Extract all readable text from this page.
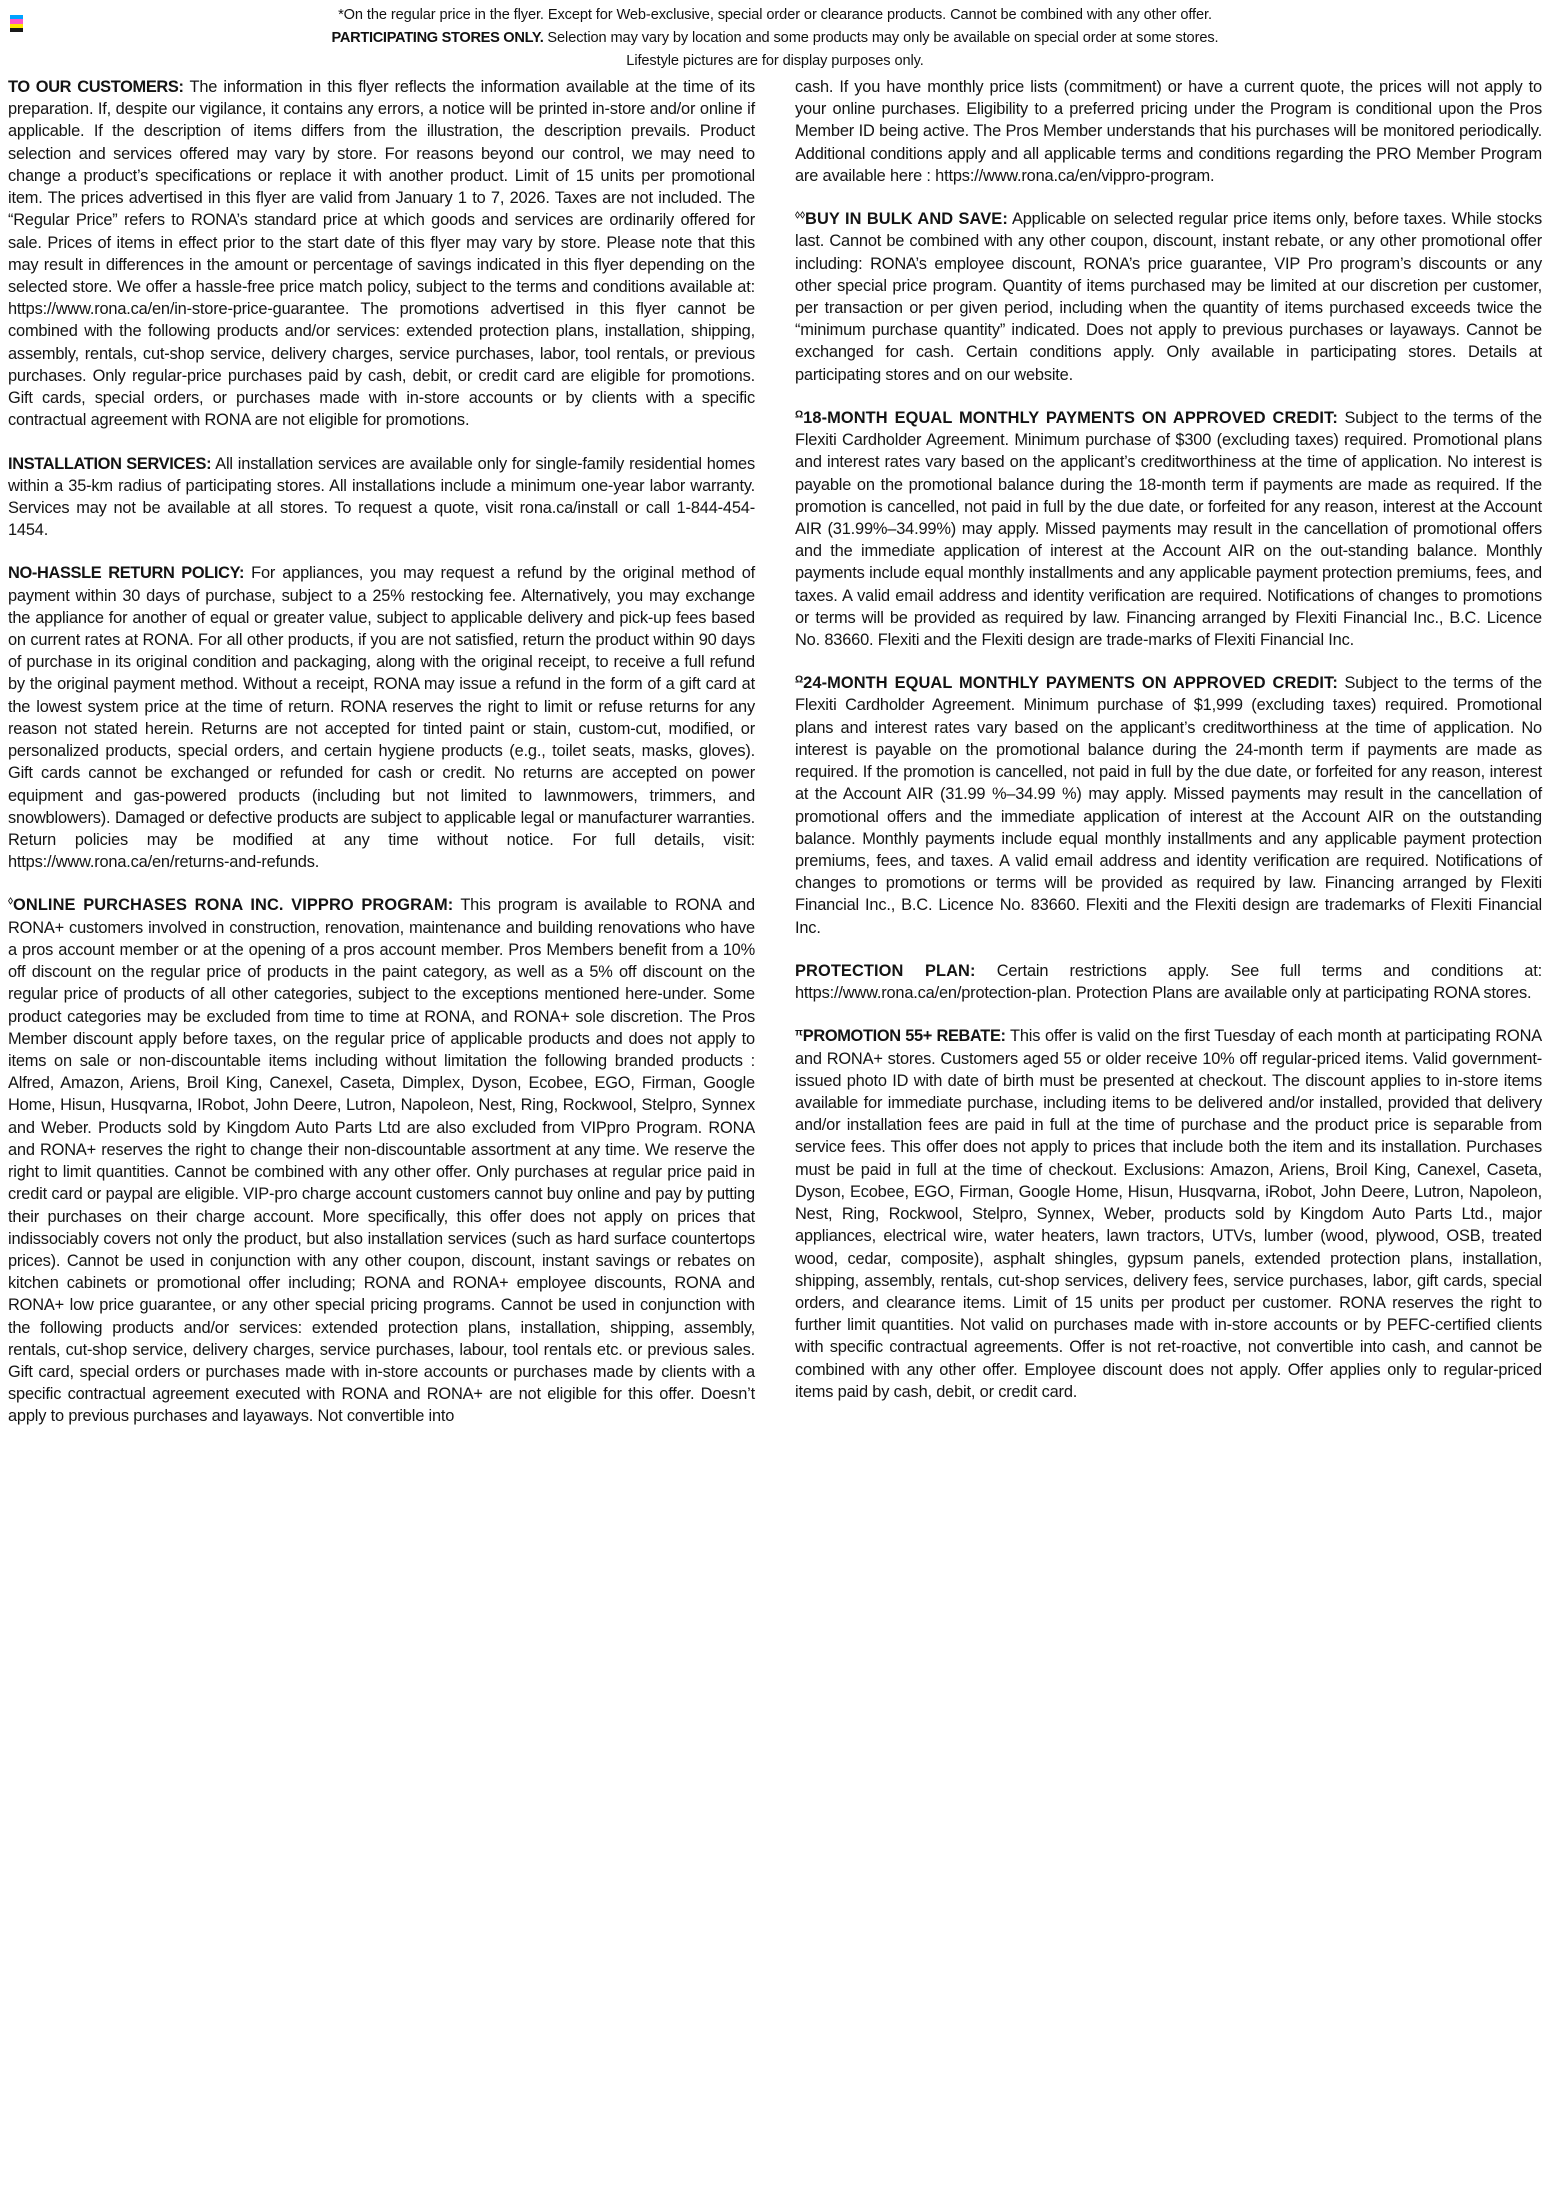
*On the regular price in the flyer. Except for Web-exclusive, special order or clearance products. Cannot be combined with any other offer.
PARTICIPATING STORES ONLY. Selection may vary by location and some products may only be available on special order at some stores.
Lifestyle pictures are for display purposes only.

TO OUR CUSTOMERS: The information in this flyer reflects the information available at the time of its preparation. If, despite our vigilance, it contains any errors, a notice will be printed in-store and/or online if applicable. If the description of items differs from the illustration, the description prevails. Product selection and services offered may vary by store. For reasons beyond our control, we may need to change a product’s specifications or replace it with another product. Limit of 15 units per promotional item. The prices advertised in this flyer are valid from January 1 to 7, 2026. Taxes are not included. The “Regular Price” refers to RONA’s standard price at which goods and services are ordinarily offered for sale. Prices of items in effect prior to the start date of this flyer may vary by store. Please note that this may result in differences in the amount or percentage of savings indicated in this flyer depending on the selected store. We offer a hassle-free price match policy, subject to the terms and conditions available at: https://www.rona.ca/en/in-store-price-guarantee. The promotions advertised in this flyer cannot be combined with the following products and/or services: extended protection plans, installation, shipping, assembly, rentals, cut-shop service, delivery charges, service purchases, labor, tool rentals, or previous purchases. Only regular-price purchases paid by cash, debit, or credit card are eligible for promotions. Gift cards, special orders, or purchases made with in-store accounts or by clients with a specific contractual agreement with RONA are not eligible for promotions.

INSTALLATION SERVICES: All installation services are available only for single-family residential homes within a 35-km radius of participating stores. All installations include a minimum one-year labor warranty. Services may not be available at all stores. To request a quote, visit rona.ca/install or call 1-844-454-1454.

NO-HASSLE RETURN POLICY: For appliances, you may request a refund by the original method of payment within 30 days of purchase, subject to a 25% restocking fee. Alternatively, you may exchange the appliance for another of equal or greater value, subject to applicable delivery and pick-up fees based on current rates at RONA. For all other products, if you are not satisfied, return the product within 90 days of purchase in its original condition and packaging, along with the original receipt, to receive a full refund by the original payment method. Without a receipt, RONA may issue a refund in the form of a gift card at the lowest system price at the time of return. RONA reserves the right to limit or refuse returns for any reason not stated herein. Returns are not accepted for tinted paint or stain, custom-cut, modified, or personalized products, special orders, and certain hygiene products (e.g., toilet seats, masks, gloves). Gift cards cannot be exchanged or refunded for cash or credit. No returns are accepted on power equipment and gas-powered products (including but not limited to lawnmowers, trimmers, and snowblowers). Damaged or defective products are subject to applicable legal or manufacturer warranties. Return policies may be modified at any time without notice. For full details, visit: https://www.rona.ca/en/returns-and-refunds.

◊ONLINE PURCHASES RONA INC. VIPPRO PROGRAM: This program is available to RONA and RONA+ customers involved in construction, renovation, maintenance and building renovations who have a pros account member or at the opening of a pros account member. Pros Members benefit from a 10% off discount on the regular price of products in the paint category, as well as a 5% off discount on the regular price of products of all other categories, subject to the exceptions mentioned here-under. Some product categories may be excluded from time to time at RONA, and RONA+ sole discretion. The Pros Member discount apply before taxes, on the regular price of applicable products and does not apply to items on sale or non-discountable items including without limitation the following branded products : Alfred, Amazon, Ariens, Broil King, Canexel, Caseta, Dimplex, Dyson, Ecobee, EGO, Firman, Google Home, Hisun, Husqvarna, IRobot, John Deere, Lutron, Napoleon, Nest, Ring, Rockwool, Stelpro, Synnex and Weber. Products sold by Kingdom Auto Parts Ltd are also excluded from VIPpro Program. RONA and RONA+ reserves the right to change their non-discountable assortment at any time. We reserve the right to limit quantities. Cannot be combined with any other offer. Only purchases at regular price paid in credit card or paypal are eligible. VIP-pro charge account customers cannot buy online and pay by putting their purchases on their charge account. More specifically, this offer does not apply on prices that indissociably covers not only the product, but also installation services (such as hard surface countertops prices). Cannot be used in conjunction with any other coupon, discount, instant savings or rebates on kitchen cabinets or promotional offer including; RONA and RONA+ employee discounts, RONA and RONA+ low price guarantee, or any other special pricing programs. Cannot be used in conjunction with the following products and/or services: extended protection plans, installation, shipping, assembly, rentals, cut-shop service, delivery charges, service purchases, labour, tool rentals etc. or previous sales. Gift card, special orders or purchases made with in-store accounts or purchases made by clients with a specific contractual agreement executed with RONA and RONA+ are not eligible for this offer. Doesn’t apply to previous purchases and layaways. Not convertible into

cash. If you have monthly price lists (commitment) or have a current quote, the prices will not apply to your online purchases. Eligibility to a preferred pricing under the Program is conditional upon the Pros Member ID being active. The Pros Member understands that his purchases will be monitored periodically. Additional conditions apply and all applicable terms and conditions regarding the PRO Member Program are available here : https://www.rona.ca/en/vippro-program.

◊◊BUY IN BULK AND SAVE: Applicable on selected regular price items only, before taxes. While stocks last. Cannot be combined with any other coupon, discount, instant rebate, or any other promotional offer including: RONA’s employee discount, RONA’s price guarantee, VIP Pro program’s discounts or any other special price program. Quantity of items purchased may be limited at our discretion per customer, per transaction or per given period, including when the quantity of items purchased exceeds twice the “minimum purchase quantity” indicated. Does not apply to previous purchases or layaways. Cannot be exchanged for cash. Certain conditions apply. Only available in participating stores. Details at participating stores and on our website.

$^\Omega$18-MONTH EQUAL MONTHLY PAYMENTS ON APPROVED CREDIT: Subject to the terms of the Flexiti Cardholder Agreement. Minimum purchase of $300 (excluding taxes) required. Promotional plans and interest rates vary based on the applicant’s creditworthiness at the time of application. No interest is payable on the promotional balance during the 18-month term if payments are made as required. If the promotion is cancelled, not paid in full by the due date, or forfeited for any reason, interest at the Account AIR (31.99%–34.99%) may apply. Missed payments may result in the cancellation of promotional offers and the immediate application of interest at the Account AIR on the out-standing balance. Monthly payments include equal monthly installments and any applicable payment protection premiums, fees, and taxes. A valid email address and identity verification are required. Notifications of changes to promotions or terms will be provided as required by law. Financing arranged by Flexiti Financial Inc., B.C. Licence No. 83660. Flexiti and the Flexiti design are trade-marks of Flexiti Financial Inc.

$^\Omega$24-MONTH EQUAL MONTHLY PAYMENTS ON APPROVED CREDIT: Subject to the terms of the Flexiti Cardholder Agreement. Minimum purchase of $1,999 (excluding taxes) required. Promotional plans and interest rates vary based on the applicant’s creditworthiness at the time of application. No interest is payable on the promotional balance during the 24-month term if payments are made as required. If the promotion is cancelled, not paid in full by the due date, or forfeited for any reason, interest at the Account AIR (31.99 %–34.99 %) may apply. Missed payments may result in the cancellation of promotional offers and the immediate application of interest at the Account AIR on the outstanding balance. Monthly payments include equal monthly installments and any applicable payment protection premiums, fees, and taxes. A valid email address and identity verification are required. Notifications of changes to promotions or terms will be provided as required by law. Financing arranged by Flexiti Financial Inc., B.C. Licence No. 83660. Flexiti and the Flexiti design are trademarks of Flexiti Financial Inc.

PROTECTION PLAN: Certain restrictions apply. See full terms and conditions at: https://www.rona.ca/en/protection-plan. Protection Plans are available only at participating RONA stores.

$^\pi$PROMOTION 55+ REBATE: This offer is valid on the first Tuesday of each month at participating RONA and RONA+ stores. Customers aged 55 or older receive 10% off regular-priced items. Valid government-issued photo ID with date of birth must be presented at checkout. The discount applies to in-store items available for immediate purchase, including items to be delivered and/or installed, provided that delivery and/or installation fees are paid in full at the time of purchase and the product price is separable from service fees. This offer does not apply to prices that include both the item and its installation. Purchases must be paid in full at the time of checkout. Exclusions: Amazon, Ariens, Broil King, Canexel, Caseta, Dyson, Ecobee, EGO, Firman, Google Home, Hisun, Husqvarna, iRobot, John Deere, Lutron, Napoleon, Nest, Ring, Rockwool, Stelpro, Synnex, Weber, products sold by Kingdom Auto Parts Ltd., major appliances, electrical wire, water heaters, lawn tractors, UTVs, lumber (wood, plywood, OSB, treated wood, cedar, composite), asphalt shingles, gypsum panels, extended protection plans, installation, shipping, assembly, rentals, cut-shop services, delivery fees, service purchases, labor, gift cards, special orders, and clearance items. Limit of 15 units per product per customer. RONA reserves the right to further limit quantities. Not valid on purchases made with in-store accounts or by PEFC-certified clients with specific contractual agreements. Offer is not ret-roactive, not convertible into cash, and cannot be combined with any other offer. Employee discount does not apply. Offer applies only to regular-priced items paid by cash, debit, or credit card.
